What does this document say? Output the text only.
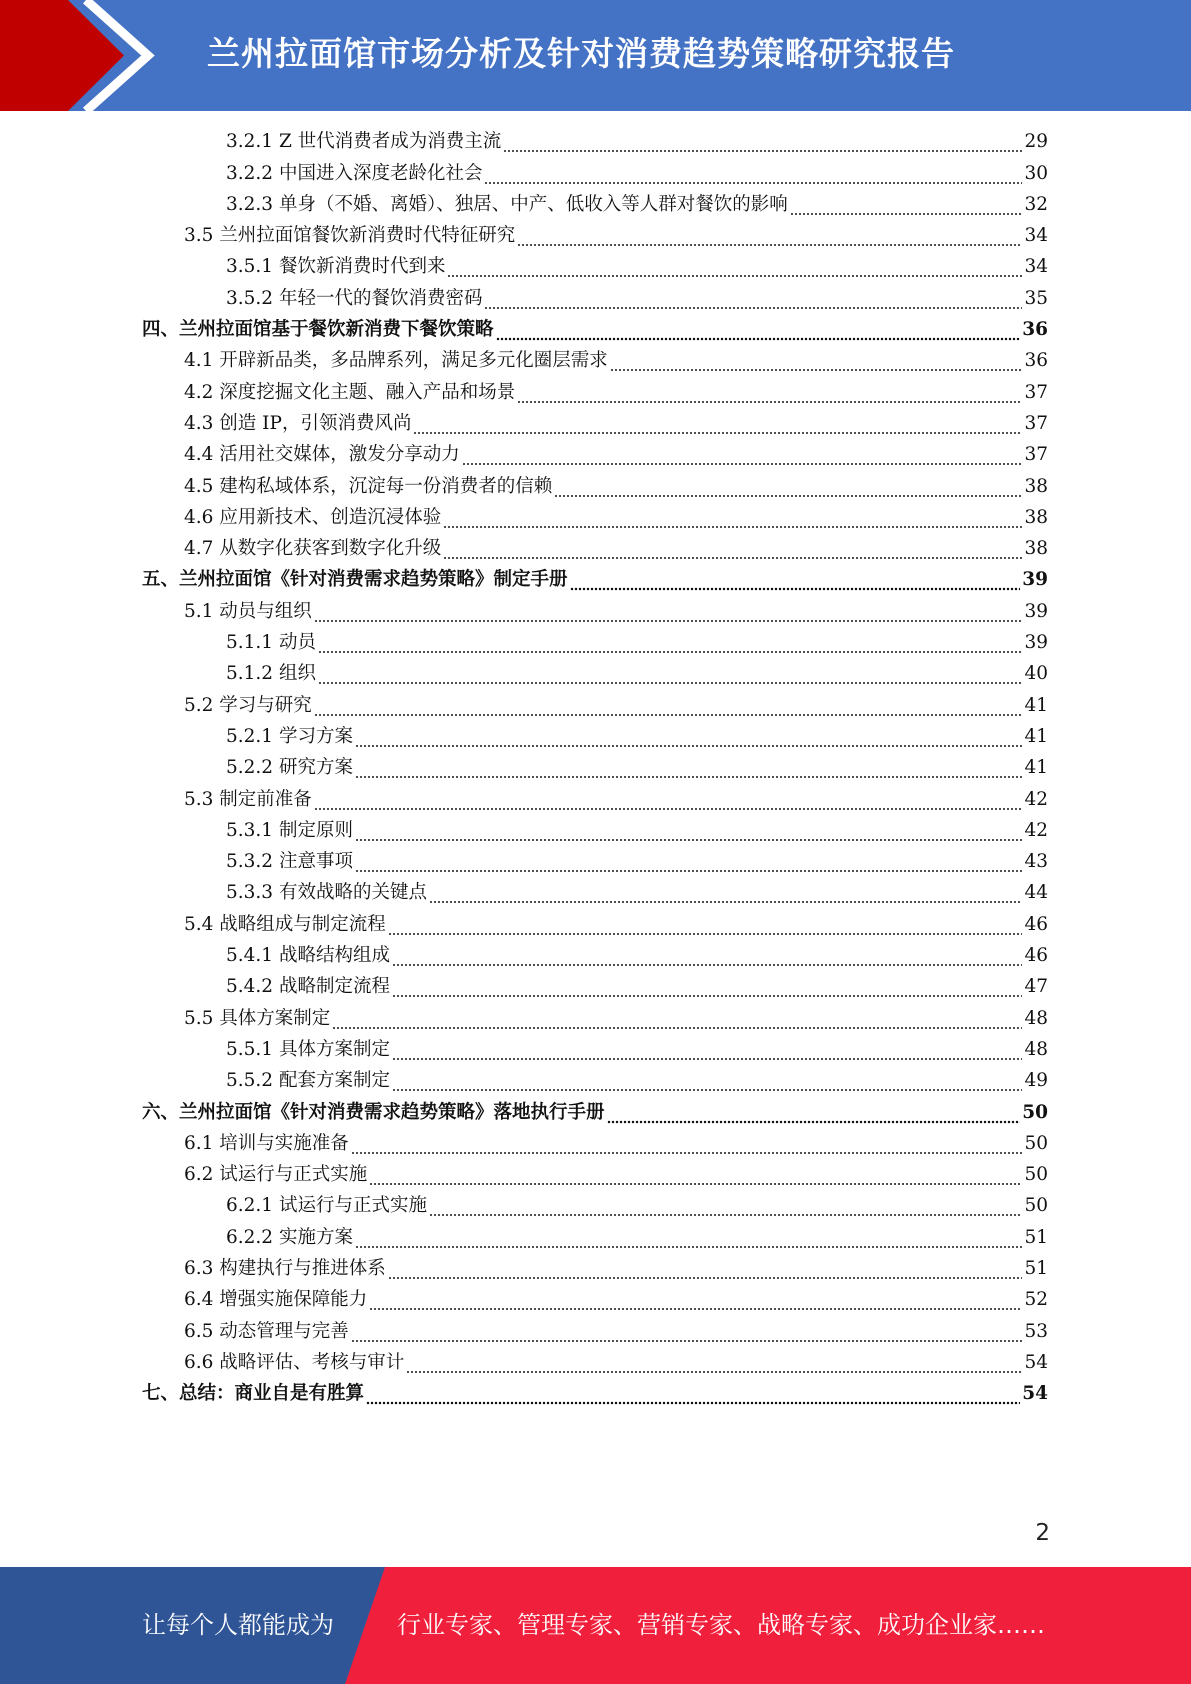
兰州拉面馆市场分析及针对消费趋势策略研究报告
3.2.1 Z 世代消费者成为消费主流	29
3.2.2 中国进入深度老龄化社会	30
3.2.3 单身（不婚、离婚）、独居、中产、低收入等人群对餐饮的影响	32
3.5 兰州拉面馆餐饮新消费时代特征研究	34
3.5.1 餐饮新消费时代到来	34
3.5.2 年轻一代的餐饮消费密码	35
四、兰州拉面馆基于餐饮新消费下餐饮策略	36
4.1 开辟新品类，多品牌系列，满足多元化圈层需求	36
4.2 深度挖掘文化主题、融入产品和场景	37
4.3 创造 IP，引领消费风尚	37
4.4 活用社交媒体，激发分享动力	37
4.5 建构私域体系，沉淀每一份消费者的信赖	38
4.6 应用新技术、创造沉浸体验	38
4.7 从数字化获客到数字化升级	38
五、兰州拉面馆《针对消费需求趋势策略》制定手册	39
5.1 动员与组织	39
5.1.1 动员	39
5.1.2 组织	40
5.2 学习与研究	41
5.2.1 学习方案	41
5.2.2 研究方案	41
5.3 制定前准备	42
5.3.1 制定原则	42
5.3.2 注意事项	43
5.3.3 有效战略的关键点	44
5.4 战略组成与制定流程	46
5.4.1 战略结构组成	46
5.4.2 战略制定流程	47
5.5 具体方案制定	48
5.5.1 具体方案制定	48
5.5.2 配套方案制定	49
六、兰州拉面馆《针对消费需求趋势策略》落地执行手册	50
6.1 培训与实施准备	50
6.2 试运行与正式实施	50
6.2.1 试运行与正式实施	50
6.2.2 实施方案	51
6.3 构建执行与推进体系	51
6.4 增强实施保障能力	52
6.5 动态管理与完善	53
6.6 战略评估、考核与审计	54
七、总结：商业自是有胜算	54
2
让每个人都能成为	行业专家、管理专家、营销专家、战略专家、成功企业家……
